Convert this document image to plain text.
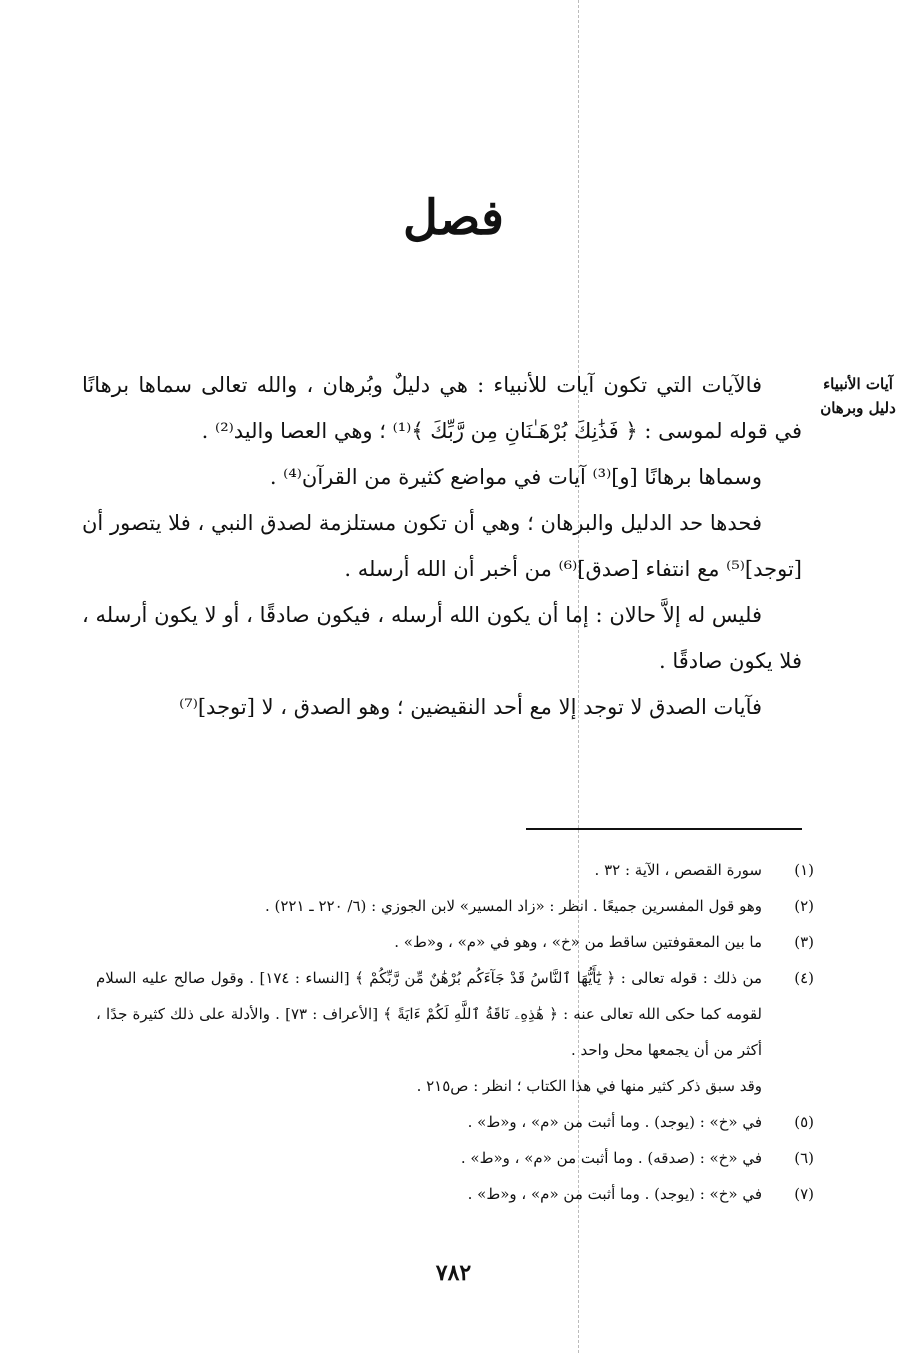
فصل
آيات الأنبياء
دليل وبرهان

فالآيات التي تكون آيات للأنبياء : هي دليلٌ وبُرهان ، والله تعالى سماها برهانًا في قوله لموسى : ﴿ فَذَٰنِكَ بُرْهَـٰنَانِ مِن رَّبِّكَ ﴾⁽¹⁾ ؛ وهي العصا واليد⁽²⁾ .

وسماها برهانًا [و]⁽³⁾ آيات في مواضع كثيرة من القرآن⁽⁴⁾ .

فحدها حد الدليل والبرهان ؛ وهي أن تكون مستلزمة لصدق النبي ، فلا يتصور أن [توجد]⁽⁵⁾ مع انتفاء [صدق]⁽⁶⁾ من أخبر أن الله أرسله .

فليس له إلاَّ حالان : إما أن يكون الله أرسله ، فيكون صادقًا ، أو لا يكون أرسله ، فلا يكون صادقًا .

فآيات الصدق لا توجد إلا مع أحد النقيضين ؛ وهو الصدق ، لا [توجد]⁽⁷⁾

(١)
سورة القصص ، الآية : ٣٢ .
(٢)
وهو قول المفسرين جميعًا . انظر : «زاد المسير» لابن الجوزي : (٦/ ٢٢٠ ـ ٢٢١) .
(٣)
ما بين المعقوفتين ساقط من «خ» ، وهو في «م» ، و«ط» .
(٤)
من ذلك : قوله تعالى : ﴿ يَٰٓأَيُّهَا ٱلنَّاسُ قَدْ جَآءَكُم بُرْهَٰنٌ مِّن رَّبِّكُمْ ﴾ [النساء : ١٧٤] . وقول صالح عليه السلام لقومه كما حكى الله تعالى عنه : ﴿ هَٰذِهِۦ نَاقَةُ ٱللَّهِ لَكُمْ ءَايَةً ﴾ [الأعراف : ٧٣] . والأدلة على ذلك كثيرة جدًا ، أكثر من أن يجمعها محل واحد .
وقد سبق ذكر كثير منها في هذا الكتاب ؛ انظر : ص٢١٥ .
(٥)
في «خ» : (يوجد) . وما أثبت من «م» ، و«ط» .
(٦)
في «خ» : (صدقه) . وما أثبت من «م» ، و«ط» .
(٧)
في «خ» : (يوجد) . وما أثبت من «م» ، و«ط» .
٧٨٢
